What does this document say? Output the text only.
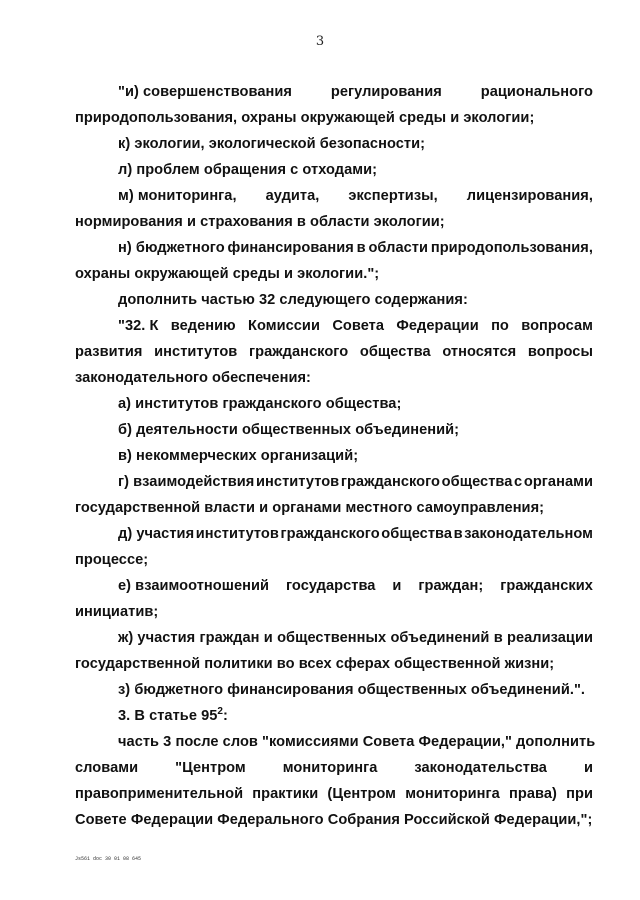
3
"и) совершенствования	регулирования	рационального
природопользования, охраны окружающей среды и экологии;
к) экологии, экологической безопасности;
л) проблем обращения с отходами;
м) мониторинга, аудита, экспертизы, лицензирования,
нормирования и страхования в области экологии;
н) бюджетного финансирования в области природопользования,
охраны окружающей среды и экологии.";
дополнить частью 32 следующего содержания:
"32. К ведению Комиссии Совета Федерации по вопросам
развития институтов гражданского общества относятся вопросы
законодательного обеспечения:
а) институтов гражданского общества;
б) деятельности общественных объединений;
в) некоммерческих организаций;
г) взаимодействия институтов гражданского общества с органами
государственной власти и органами местного самоуправления;
д) участия институтов гражданского общества в законодательном
процессе;
е) взаимоотношений государства и граждан; гражданских
инициатив;
ж) участия граждан и общественных объединений в реализации
государственной политики во всех сферах общественной жизни;
з) бюджетного финансирования общественных объединений.".
3. В статье $95^2$:
часть 3 после слов "комиссиями Совета Федерации," дополнить
словами	"Центром	мониторинга	законодательства	и
правоприменительной практики (Центром мониторинга права) при
Совете Федерации Федерального Собрания Российской Федерации,";
Js561 doc 30 01 08 645
